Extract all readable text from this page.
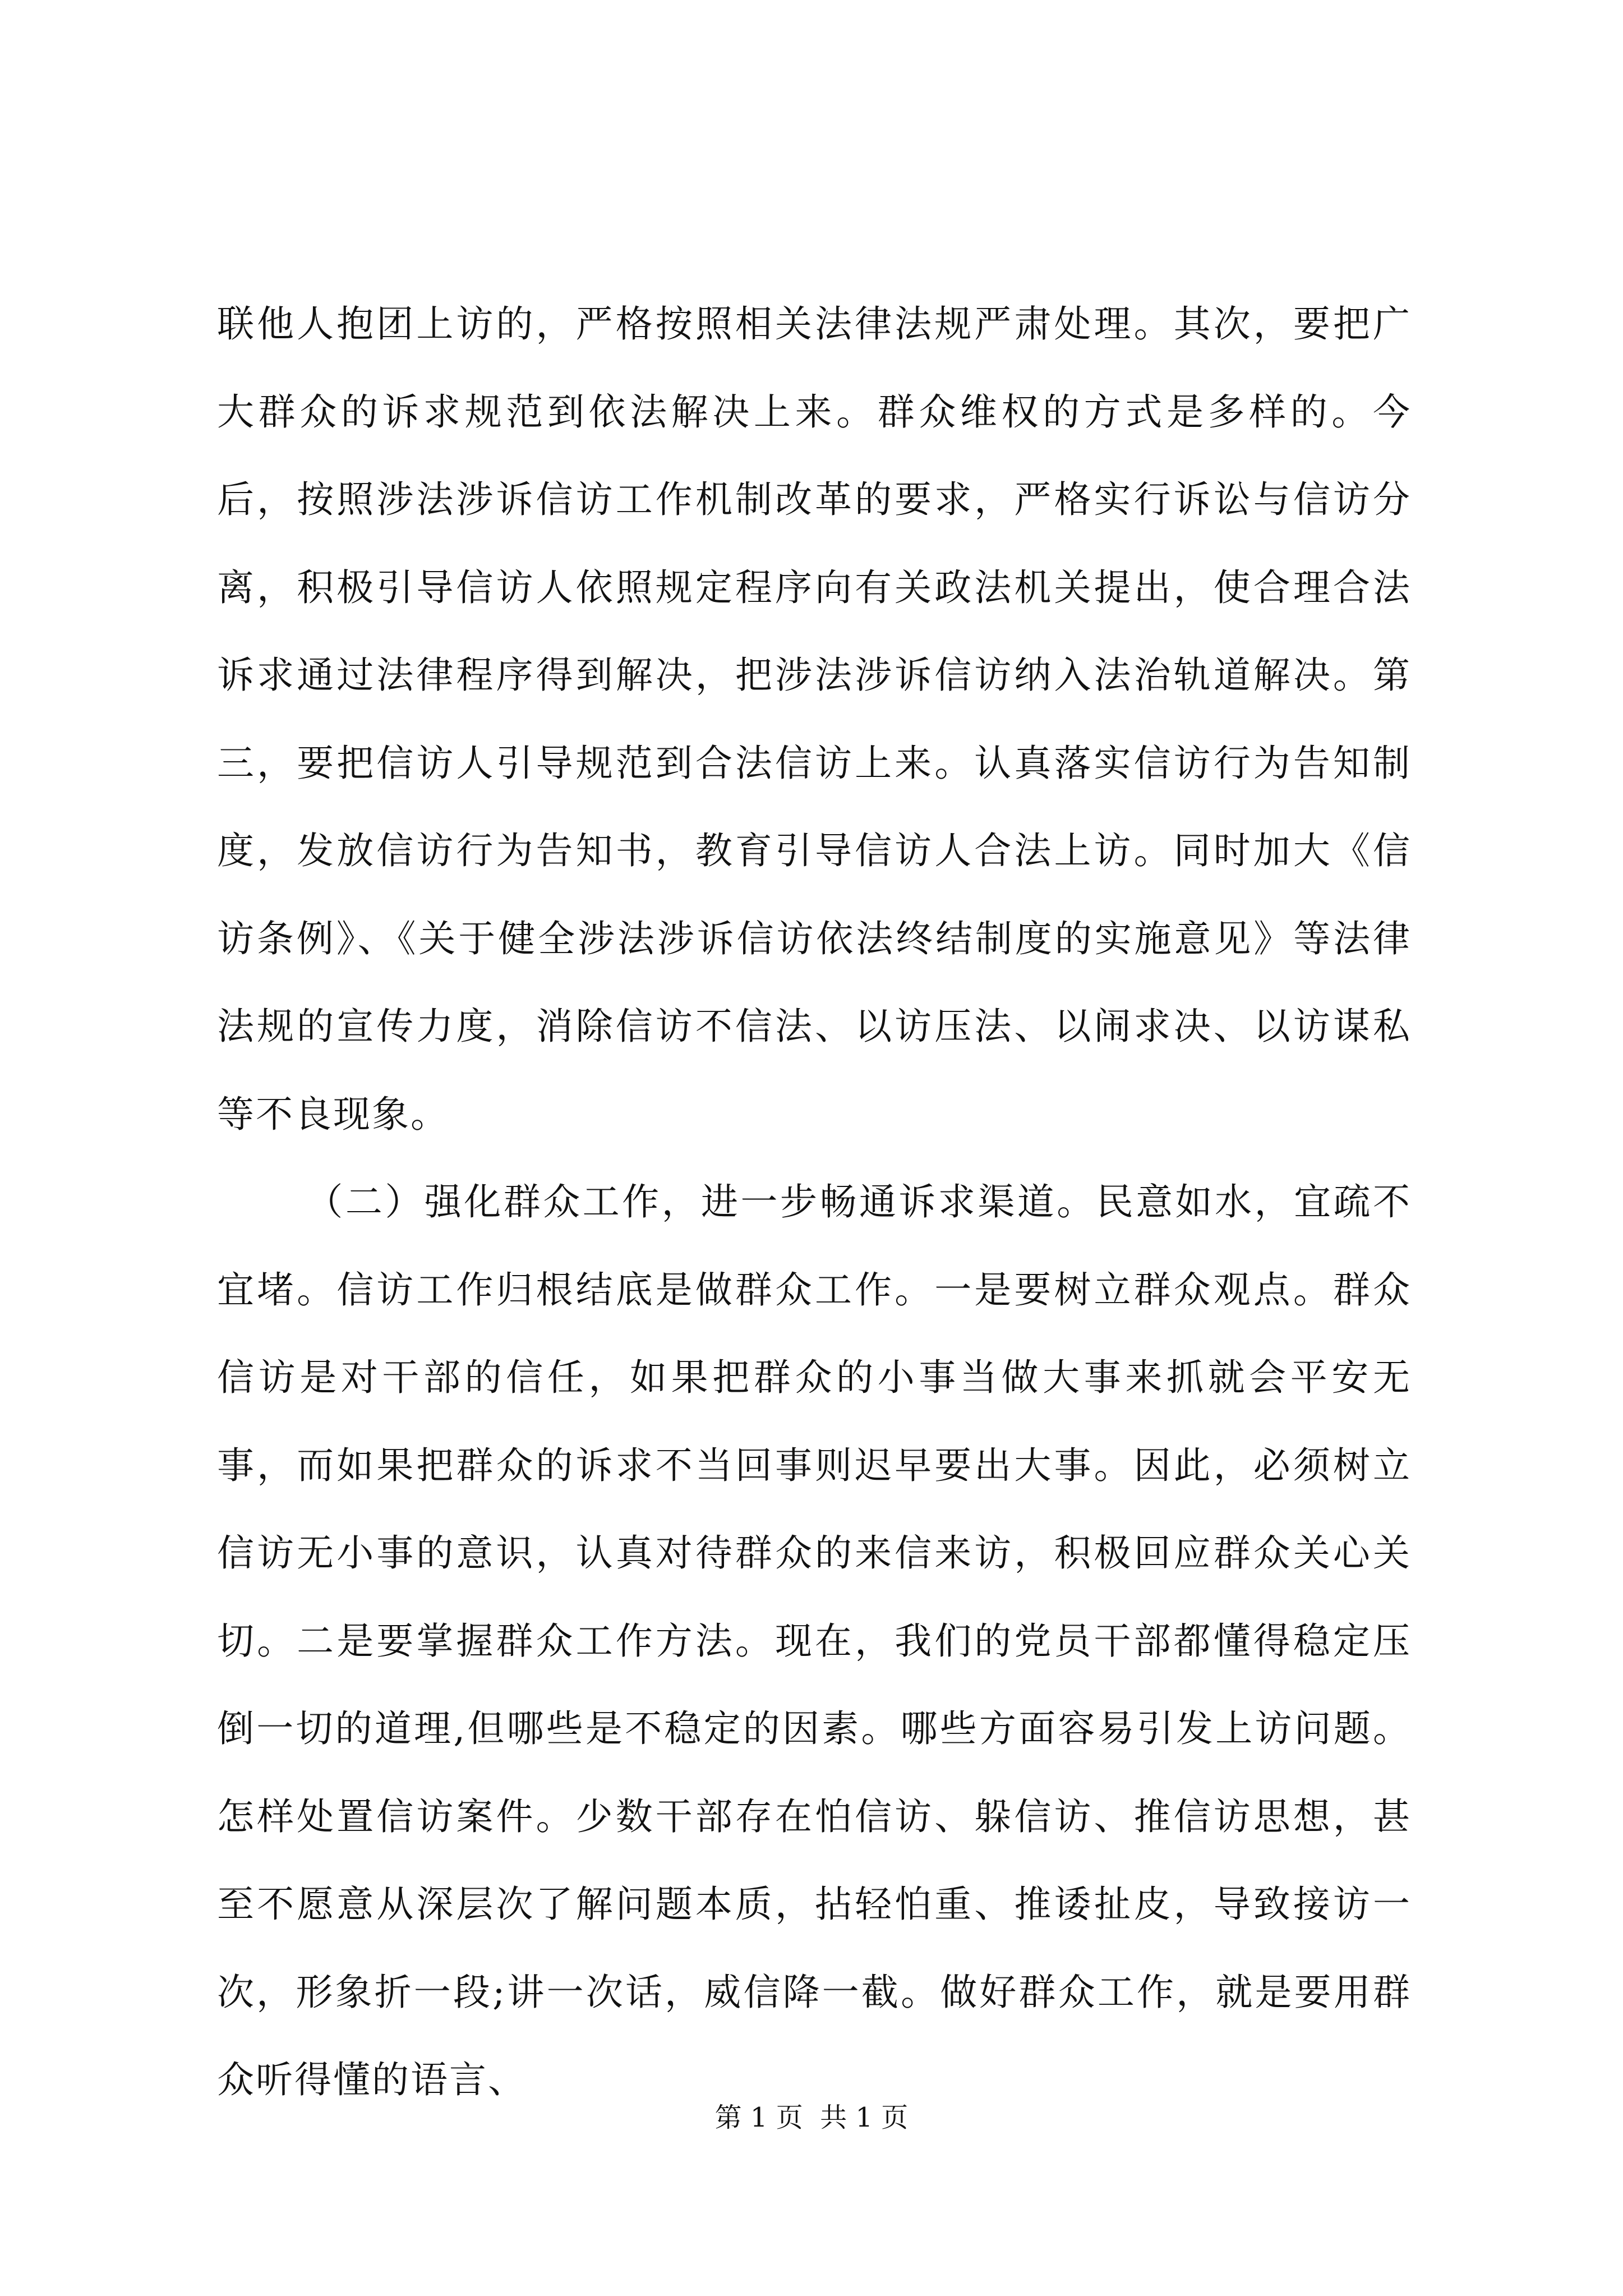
联他人抱团上访的，严格按照相关法律法规严肃处理。其次，要把广大群众的诉求规范到依法解决上来。群众维权的方式是多样的。今后，按照涉法涉诉信访工作机制改革的要求，严格实行诉讼与信访分离，积极引导信访人依照规定程序向有关政法机关提出，使合理合法诉求通过法律程序得到解决，把涉法涉诉信访纳入法治轨道解决。第三，要把信访人引导规范到合法信访上来。认真落实信访行为告知制度，发放信访行为告知书，教育引导信访人合法上访。同时加大《信访条例》、《关于健全涉法涉诉信访依法终结制度的实施意见》等法律法规的宣传力度，消除信访不信法、以访压法、以闹求决、以访谋私等不良现象。

（二）强化群众工作，进一步畅通诉求渠道。民意如水，宜疏不宜堵。信访工作归根结底是做群众工作。一是要树立群众观点。群众信访是对干部的信任，如果把群众的小事当做大事来抓就会平安无事，而如果把群众的诉求不当回事则迟早要出大事。因此，必须树立信访无小事的意识，认真对待群众的来信来访，积极回应群众关心关切。二是要掌握群众工作方法。现在，我们的党员干部都懂得稳定压倒一切的道理,但哪些是不稳定的因素。哪些方面容易引发上访问题。怎样处置信访案件。少数干部存在怕信访、躲信访、推信访思想，甚至不愿意从深层次了解问题本质，拈轻怕重、推诿扯皮，导致接访一次，形象折一段;讲一次话，威信降一截。做好群众工作，就是要用群众听得懂的语言、

第 1 页  共 1 页
